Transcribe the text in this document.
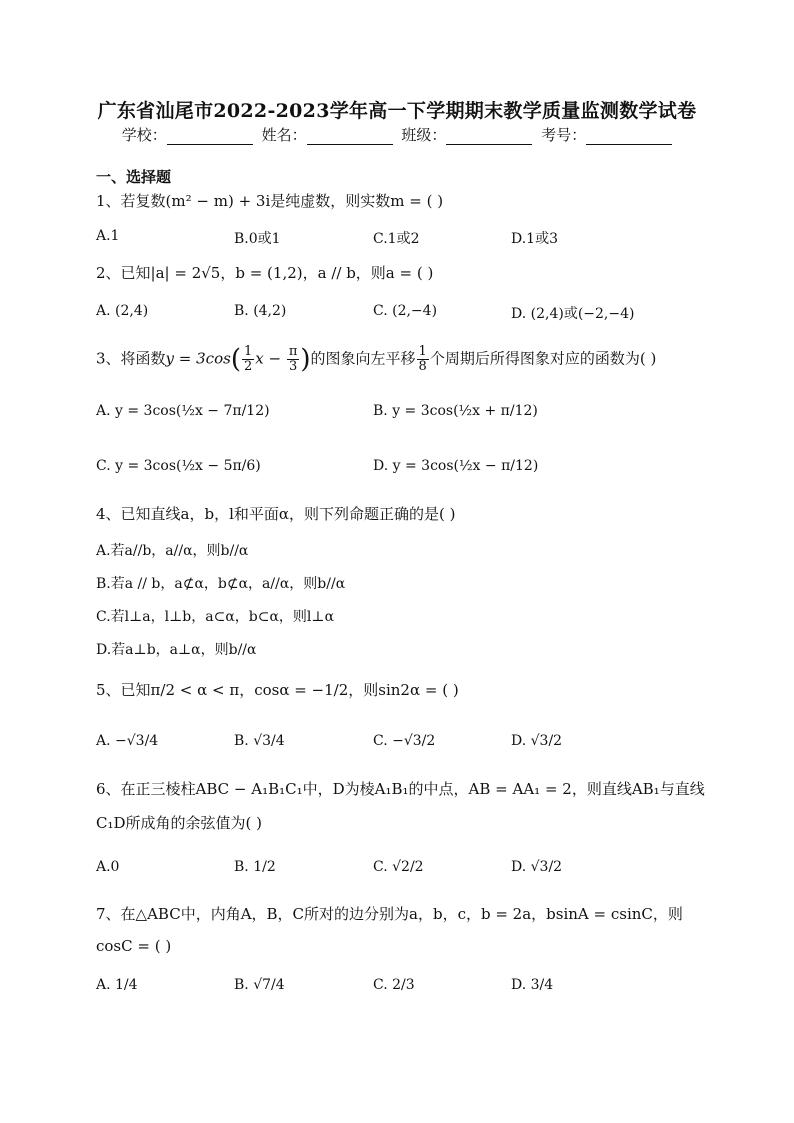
广东省汕尾市2022-2023学年高一下学期期末教学质量监测数学试卷
学校：	姓名：	班级：	考号：
一、选择题
1、若复数(m² − m) + 3i是纯虚数，则实数m = ( )
A.1	B.0或1	C.1或2	D.1或3
2、已知|a| = 2√5，b = (1,2)，a // b，则a = ( )
A. (2,4)	B. (4,2)	C. (2,−4)	D. (2,4)或(−2,−4)
3、将函数$y = 3\cos( \frac{1}{2}$ $x - \frac{\pi}{3}$ )的图象向左平移 $\frac{1}{8}$ 个周期后所得图象对应的函数为( )
A. y = 3cos(½x − 7π/12)	B. y = 3cos(½x + π/12)
C. y = 3cos(½x − 5π/6)	D. y = 3cos(½x − π/12)
4、已知直线a，b，l和平面α，则下列命题正确的是( )
A.若a//b，a//α，则b//α
B.若a // b，a⊄α，b⊄α，a//α，则b//α
C.若l⊥a，l⊥b，a⊂α，b⊂α，则l⊥α
D.若a⊥b，a⊥α，则b//α
5、已知π/2 < α < π，cosα = −1/2，则sin2α = ( )
A. −√3/4	B. √3/4	C. −√3/2	D. √3/2
6、在正三棱柱ABC − A₁B₁C₁中，D为棱A₁B₁的中点，AB = AA₁ = 2，则直线AB₁与直线
C₁D所成角的余弦值为( )
A.0	B. 1/2	C. √2/2	D. √3/2
7、在△ABC中，内角A，B，C所对的边分别为a，b，c，b = 2a，bsinA = csinC，则
cosC = ( )
A. 1/4	B. √7/4	C. 2/3	D. 3/4
